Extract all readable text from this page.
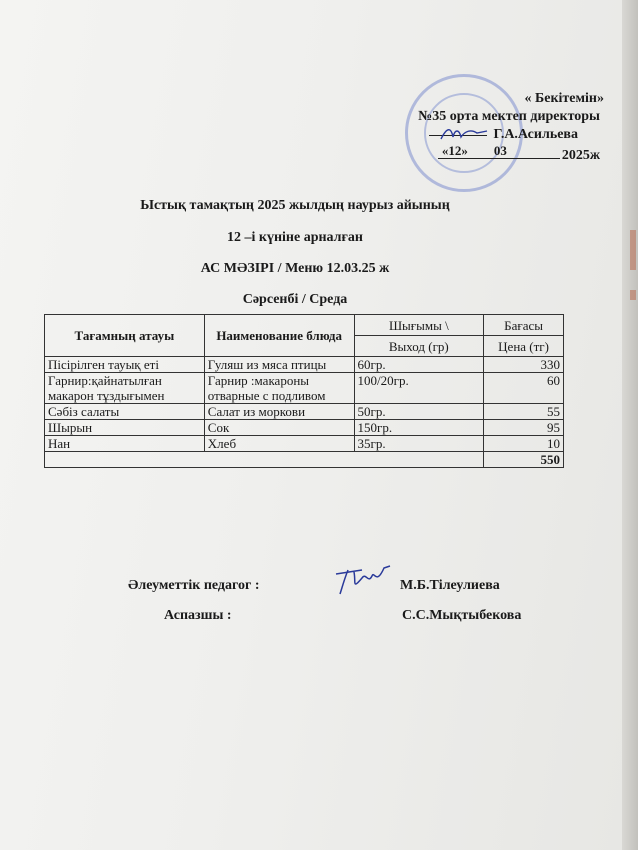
« Бекітемін»
№35 орта мектеп директоры
Г.А.Асильева
«12» 03	2025ж
Ыстық тамақтың 2025 жылдың наурыз айының
12 –і күніне арналған
АС МӘЗІРІ / Меню 12.03.25 ж
Сәрсенбі / Среда
Тағамның атауы	Наименование блюда	Шығымы \	Бағасы
		Выход (гр)	Цена (тг)
Пісірілген тауық еті	Гуляш из мяса птицы	60гр.	330
Гарнир:қайнатылған макарон тұздығымен	Гарнир :макароны отварные с подливом	100/20гр.	60
Сәбіз салаты	Салат из моркови	50гр.	55
Шырын	Сок	150гр.	95
Нан	Хлеб	35гр.	10
			550
Әлеуметтік педагог :	М.Б.Тілеулиева
Аспазшы :	С.С.Мықтыбекова
